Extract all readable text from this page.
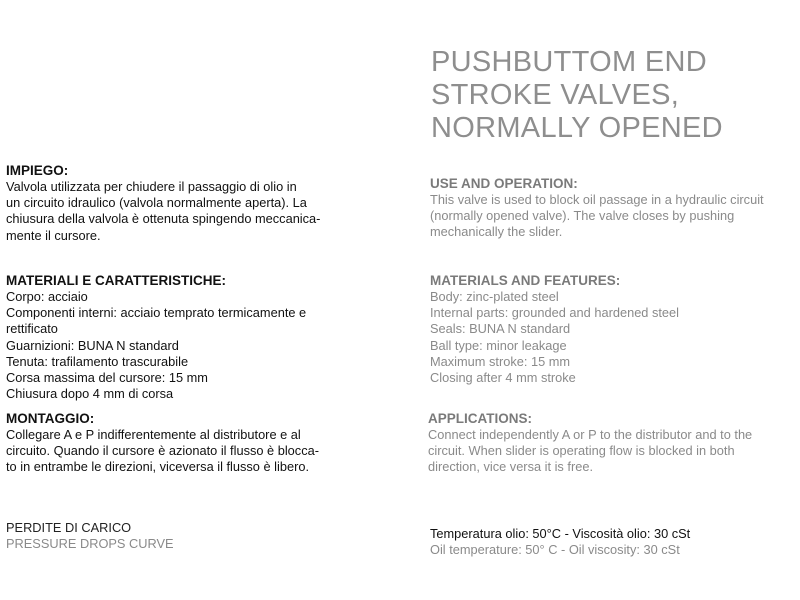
PUSHBUTTOM END
STROKE VALVES,
NORMALLY OPENED
IMPIEGO:
Valvola utilizzata per chiudere il passaggio di olio in
un circuito idraulico (valvola normalmente aperta). La
chiusura della valvola è ottenuta spingendo meccanica-
mente il cursore.
MATERIALI E CARATTERISTICHE:
Corpo: acciaio
Componenti interni: acciaio temprato termicamente e
rettificato
Guarnizioni: BUNA N standard
Tenuta: trafilamento trascurabile
Corsa massima del cursore: 15 mm
Chiusura dopo 4 mm di corsa
MONTAGGIO:
Collegare A e P indifferentemente al distributore e al
circuito. Quando il cursore è azionato il flusso è blocca-
to in entrambe le direzioni, viceversa il flusso è libero.
PERDITE DI CARICO
PRESSURE DROPS CURVE
USE AND OPERATION:
This valve is used to block oil passage in a hydraulic circuit
(normally opened valve). The valve closes by pushing
mechanically the slider.
MATERIALS AND FEATURES:
Body: zinc-plated steel
Internal parts: grounded and hardened steel
Seals: BUNA N standard
Ball type: minor leakage
Maximum stroke: 15 mm
Closing after 4 mm stroke
APPLICATIONS:
Connect independently A or P to the distributor and to the
circuit. When slider is operating flow is blocked in both
direction, vice versa it is free.
Temperatura olio: 50°C - Viscosità olio: 30 cSt
Oil temperature: 50° C - Oil viscosity: 30 cSt
